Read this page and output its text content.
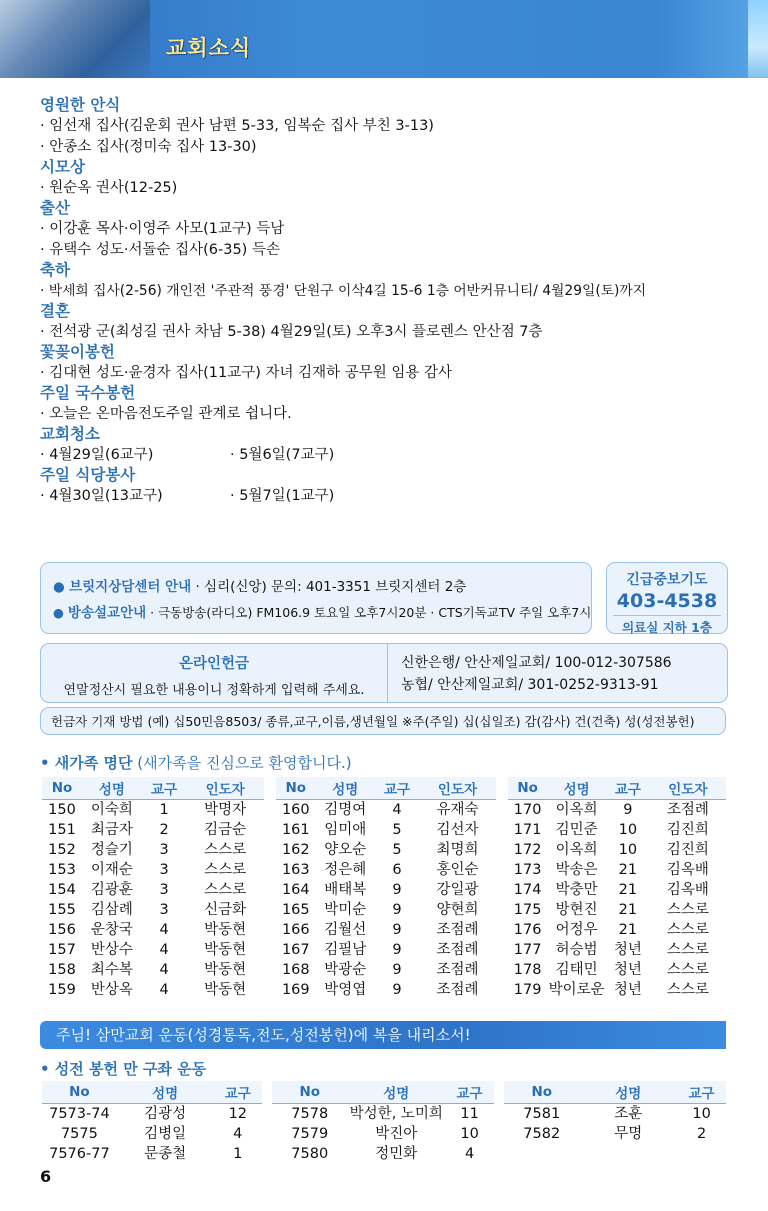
교회소식
영원한 안식
· 임선재 집사(김운회 권사 남편 5-33, 임복순 집사 부친 3-13)
· 안종소 집사(정미숙 집사 13-30)
시모상
· 원순옥 권사(12-25)
출산
· 이강훈 목사·이영주 사모(1교구) 득남
· 유택수 성도·서돌순 집사(6-35) 득손
축하
· 박세희 집사(2-56) 개인전 '주관적 풍경' 단원구 이삭4길 15-6 1층 어반커뮤니티/ 4월29일(토)까지
결혼
· 전석광 군(최성길 권사 차남 5-38) 4월29일(토) 오후3시 플로렌스 안산점 7층
꽃꽂이봉헌
· 김대현 성도·윤경자 집사(11교구) 자녀 김재하 공무원 임용 감사
주일 국수봉헌
· 오늘은 온마음전도주일 관계로 쉽니다.
교회청소
· 4월29일(6교구)	· 5월6일(7교구)
주일 식당봉사
· 4월30일(13교구)	· 5월7일(1교구)
● 브릿지상담센터 안내 · 심리(신앙) 문의: 401-3351 브릿지센터 2층
● 방송설교안내 · 극동방송(라디오) FM106.9 토요일 오후7시20분 · CTS기독교TV 주일 오후7시
긴급중보기도
403-4538
의료실 지하 1층
온라인헌금
연말정산시 필요한 내용이니 정확하게 입력해 주세요.
신한은행/ 안산제일교회/ 100-012-307586
농협/ 안산제일교회/ 301-0252-9313-91
헌금자 기재 방법 (예) 십50민음8503/ 종류,교구,이름,생년월일 ※주(주일) 십(십일조) 감(감사) 건(건축) 성(성전봉헌)
• 새가족 명단 (새가족을 진심으로 환영합니다.)
No	성명	교구	인도자
150	이숙희	1	박명자
151	최금자	2	김금순
152	정슬기	3	스스로
153	이재순	3	스스로
154	김광훈	3	스스로
155	김삼례	3	신금화
156	운창국	4	박동현
157	반상수	4	박동현
158	최수복	4	박동현
159	반상옥	4	박동현
No	성명	교구	인도자
160	김명여	4	유재숙
161	임미애	5	김선자
162	양오순	5	최명희
163	정은혜	6	홍인순
164	배태복	9	강일광
165	박미순	9	양현희
166	김월선	9	조점례
167	김필남	9	조점례
168	박광순	9	조점례
169	박영엽	9	조점례
No	성명	교구	인도자
170	이옥희	9	조점례
171	김민준	10	김진희
172	이옥희	10	김진희
173	박송은	21	김옥배
174	박충만	21	김옥배
175	방현진	21	스스로
176	어정우	21	스스로
177	허승범	청년	스스로
178	김태민	청년	스스로
179	박이로운	청년	스스로
주님! 삼만교회 운동(성경통독,전도,성전봉헌)에 복을 내리소서!
• 성전 봉헌 만 구좌 운동
No	성명	교구
7573-74	김광성	12
7575	김병일	4
7576-77	문종철	1
No	성명	교구
7578	박성한, 노미희	11
7579	박진아	10
7580	정민화	4
No	성명	교구
7581	조훈	10
7582	무명	2
6
